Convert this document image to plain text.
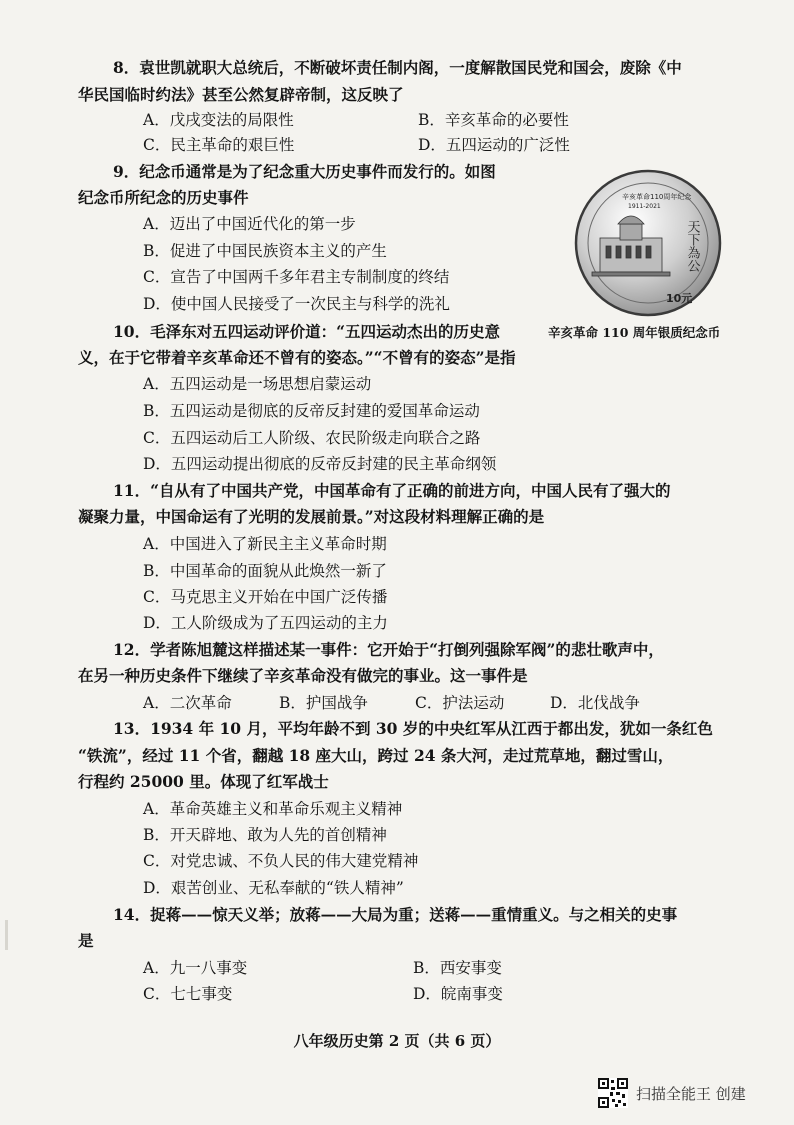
8．袁世凯就职大总统后，不断破坏责任制内阁，一度解散国民党和国会，废除《中
华民国临时约法》甚至公然复辟帝制，这反映了
A．戊戌变法的局限性	B．辛亥革命的必要性
C．民主革命的艰巨性	D．五四运动的广泛性
9．纪念币通常是为了纪念重大历史事件而发行的。如图
纪念币所纪念的历史事件
A．迈出了中国近代化的第一步
B．促进了中国民族资本主义的产生
C．宣告了中国两千多年君主专制制度的终结
D．使中国人民接受了一次民主与科学的洗礼
辛亥革命110周年纪念
1911-2021
天下為公
10元
辛亥革命 110 周年银质纪念币
10．毛泽东对五四运动评价道：“五四运动杰出的历史意
义，在于它带着辛亥革命还不曾有的姿态。”“不曾有的姿态”是指
A．五四运动是一场思想启蒙运动
B．五四运动是彻底的反帝反封建的爱国革命运动
C．五四运动后工人阶级、农民阶级走向联合之路
D．五四运动提出彻底的反帝反封建的民主革命纲领
11．“自从有了中国共产党，中国革命有了正确的前进方向，中国人民有了强大的
凝聚力量，中国命运有了光明的发展前景。”对这段材料理解正确的是
A．中国进入了新民主主义革命时期
B．中国革命的面貌从此焕然一新了
C．马克思主义开始在中国广泛传播
D．工人阶级成为了五四运动的主力
12．学者陈旭麓这样描述某一事件：它开始于“打倒列强除军阀”的悲壮歌声中，
在另一种历史条件下继续了辛亥革命没有做完的事业。这一事件是
A．二次革命	B．护国战争	C．护法运动	D．北伐战争
13．1934 年 10 月，平均年龄不到 30 岁的中央红军从江西于都出发，犹如一条红色
“铁流”，经过 11 个省，翻越 18 座大山，跨过 24 条大河，走过荒草地，翻过雪山，
行程约 25000 里。体现了红军战士
A．革命英雄主义和革命乐观主义精神
B．开天辟地、敢为人先的首创精神
C．对党忠诚、不负人民的伟大建党精神
D．艰苦创业、无私奉献的“铁人精神”
14．捉蒋——惊天义举；放蒋——大局为重；送蒋——重情重义。与之相关的史事
是
A．九一八事变	B．西安事变
C．七七事变	D．皖南事变
八年级历史第 2 页（共 6 页）
扫描全能王 创建
